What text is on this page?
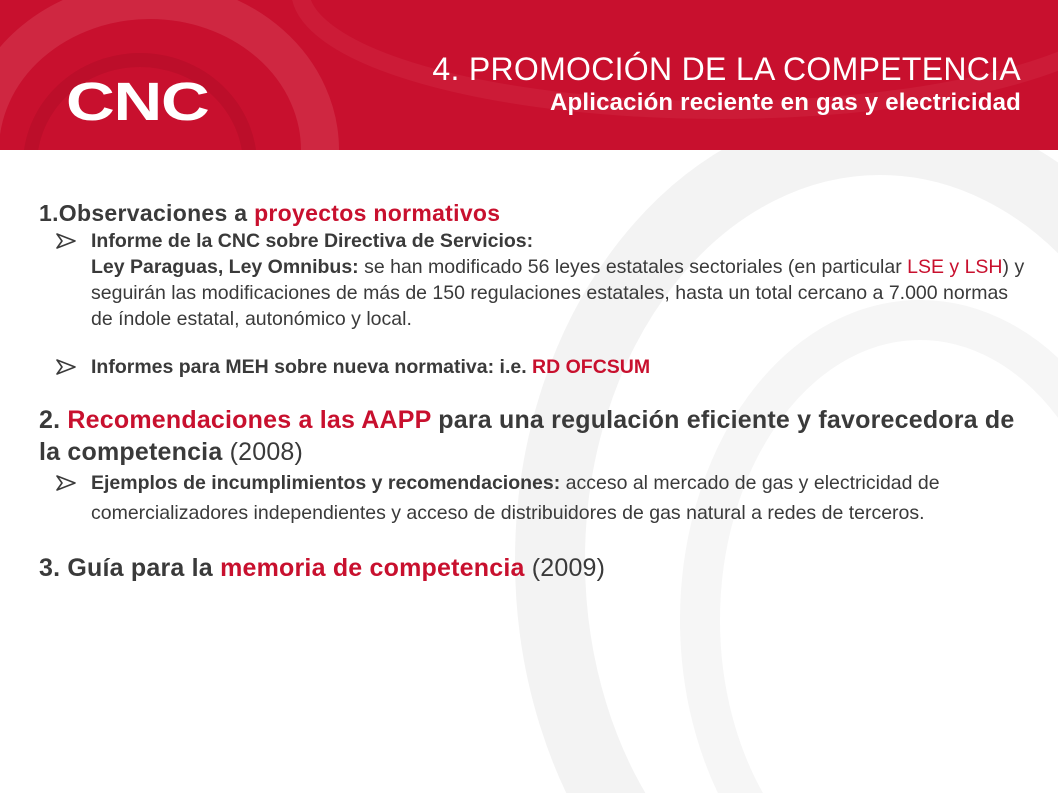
CNC
4. PROMOCIÓN DE LA COMPETENCIA
Aplicación reciente en gas y electricidad
1.Observaciones a proyectos normativos
Informe de la CNC sobre Directiva de Servicios:
Ley Paraguas, Ley Omnibus: se han modificado 56 leyes estatales sectoriales (en particular LSE y LSH) y seguirán las modificaciones de más de 150 regulaciones estatales, hasta un total cercano a 7.000 normas de índole estatal, autonómico y local.
Informes para MEH sobre nueva normativa: i.e. RD OFCSUM
2. Recomendaciones a las AAPP para una regulación eficiente y favorecedora de la competencia (2008)
Ejemplos de incumplimientos y recomendaciones: acceso al mercado de gas y electricidad de comercializadores independientes y acceso de distribuidores de gas natural a redes de terceros.
3. Guía para la memoria de competencia (2009)
